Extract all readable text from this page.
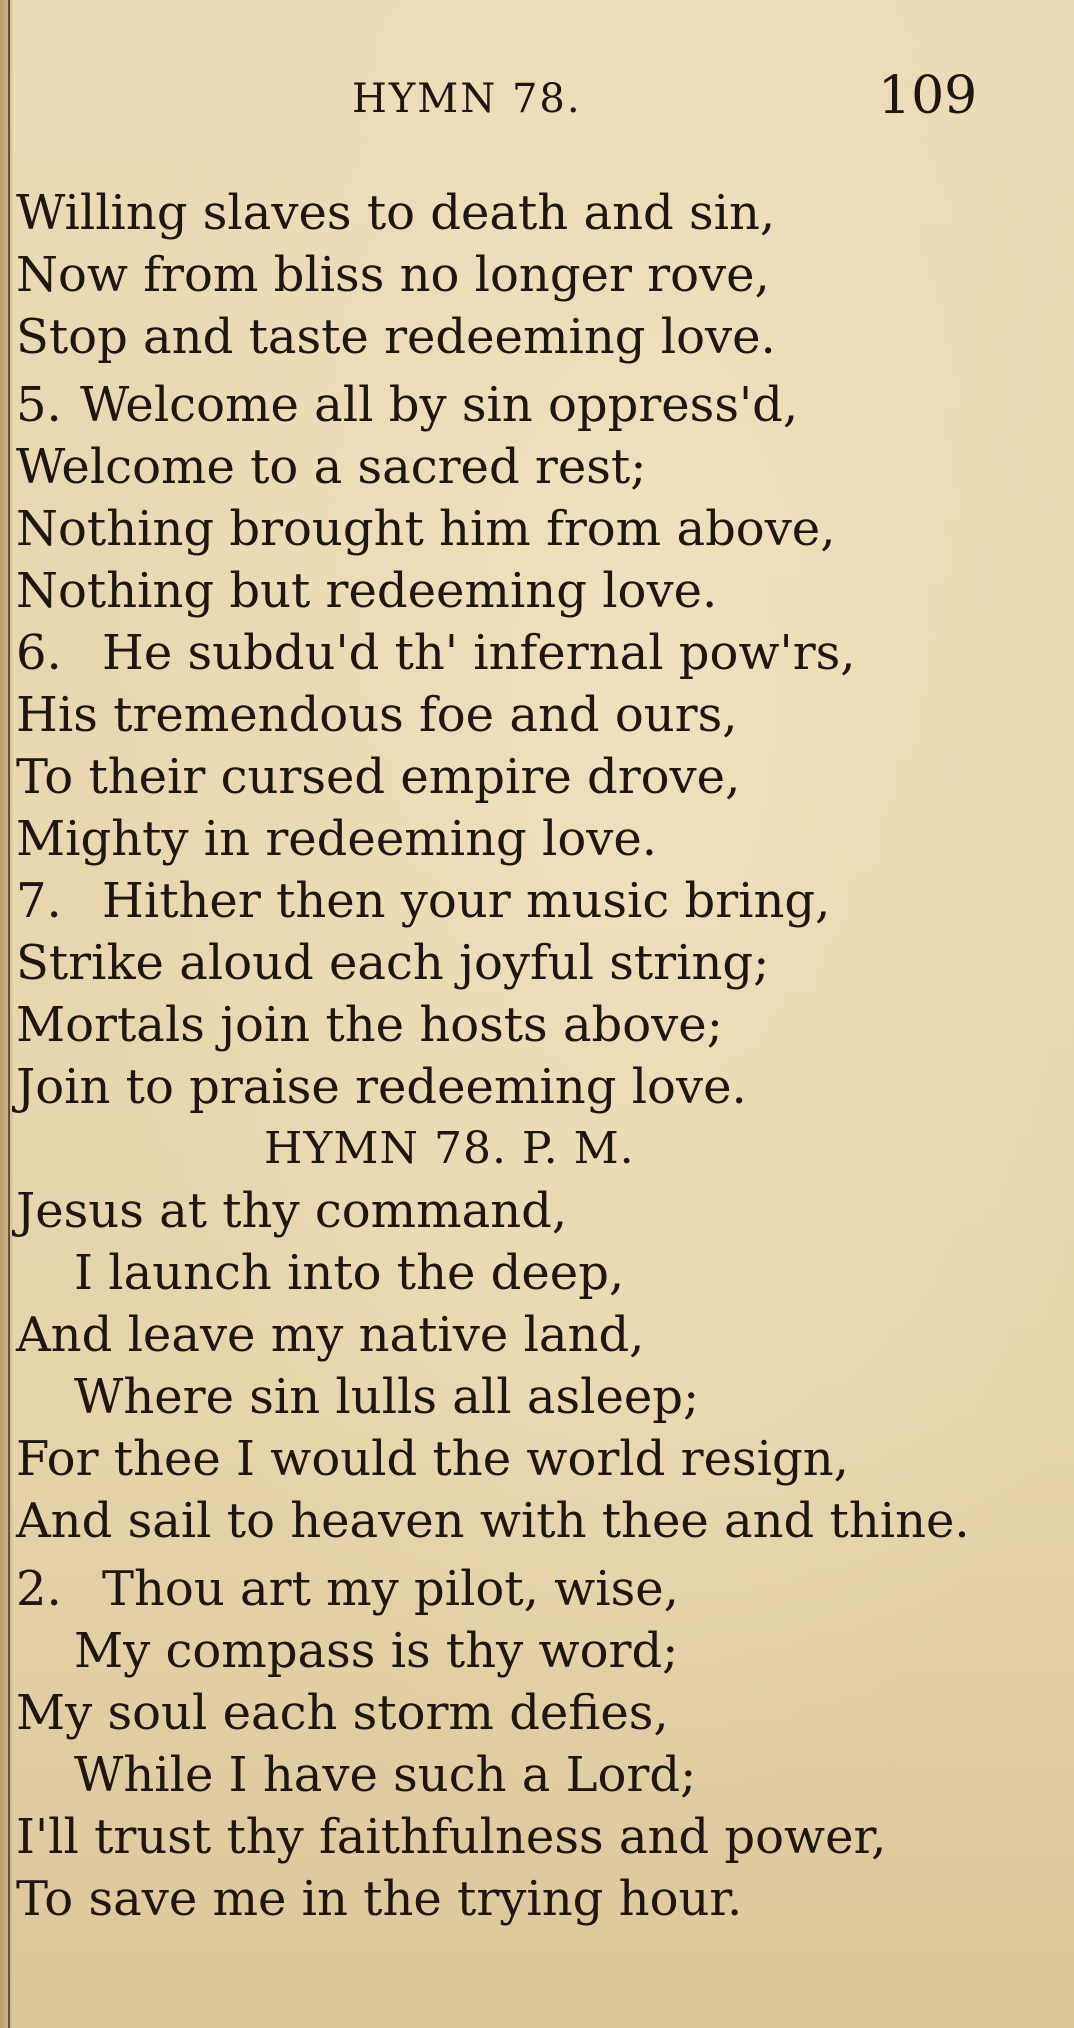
HYMN 78.	109
Willing slaves to death and sin,
Now from bliss no longer rove,
Stop and taste redeeming love.
5. Welcome all by sin oppress'd,
Welcome to a sacred rest;
Nothing brought him from above,
Nothing but redeeming love.
6. He subdu'd th' infernal pow'rs,
His tremendous foe and ours,
To their cursed empire drove,
Mighty in redeeming love.
7. Hither then your music bring,
Strike aloud each joyful string;
Mortals join the hosts above;
Join to praise redeeming love.
HYMN 78. P. M.
Jesus at thy command,
I launch into the deep,
And leave my native land,
Where sin lulls all asleep;
For thee I would the world resign,
And sail to heaven with thee and thine.
2. Thou art my pilot, wise,
My compass is thy word;
My soul each storm defies,
While I have such a Lord;
I'll trust thy faithfulness and power,
To save me in the trying hour.
